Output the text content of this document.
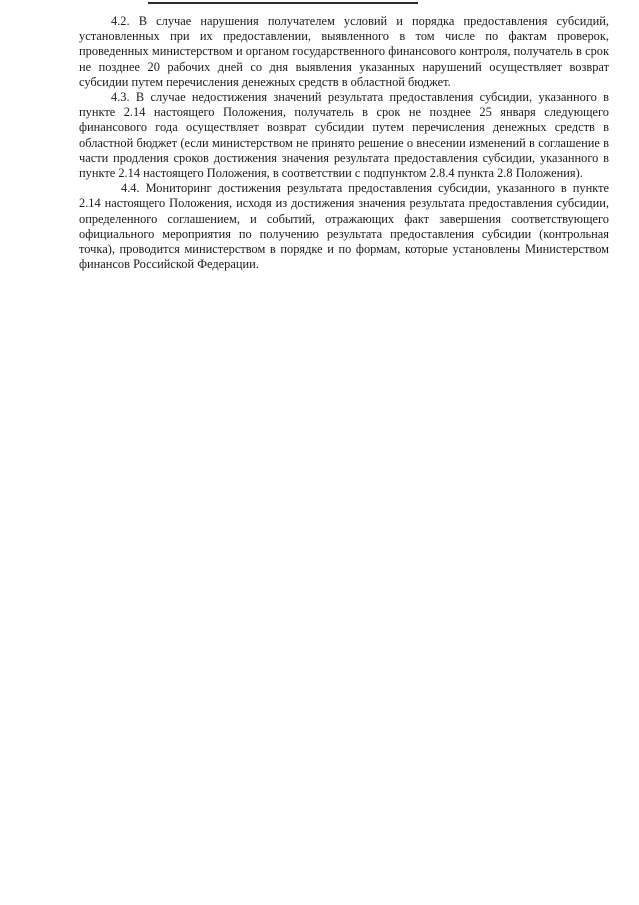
4.2. В случае нарушения получателем условий и порядка предоставления субсидий, установленных при их предоставлении, выявленного в том числе по фактам проверок, проведенных министерством и органом государственного финансового контроля, получатель в срок не позднее 20 рабочих дней со дня выявления указанных нарушений осуществляет возврат субсидии путем перечисления денежных средств в областной бюджет.

4.3. В случае недостижения значений результата предоставления субсидии, указанного в пункте 2.14 настоящего Положения, получатель в срок не позднее 25 января следующего финансового года осуществляет возврат субсидии путем перечисления денежных средств в областной бюджет (если министерством не принято решение о внесении изменений в соглашение в части продления сроков достижения значения результата предоставления субсидии, указанного в пункте 2.14 настоящего Положения, в соответствии с подпунктом 2.8.4 пункта 2.8 Положения).

4.4. Мониторинг достижения результата предоставления субсидии, указанного в пункте 2.14 настоящего Положения, исходя из достижения значения результата предоставления субсидии, определенного соглашением, и событий, отражающих факт завершения соответствующего официального мероприятия по получению результата предоставления субсидии (контрольная точка), проводится министерством в порядке и по формам, которые установлены Министерством финансов Российской Федерации.
